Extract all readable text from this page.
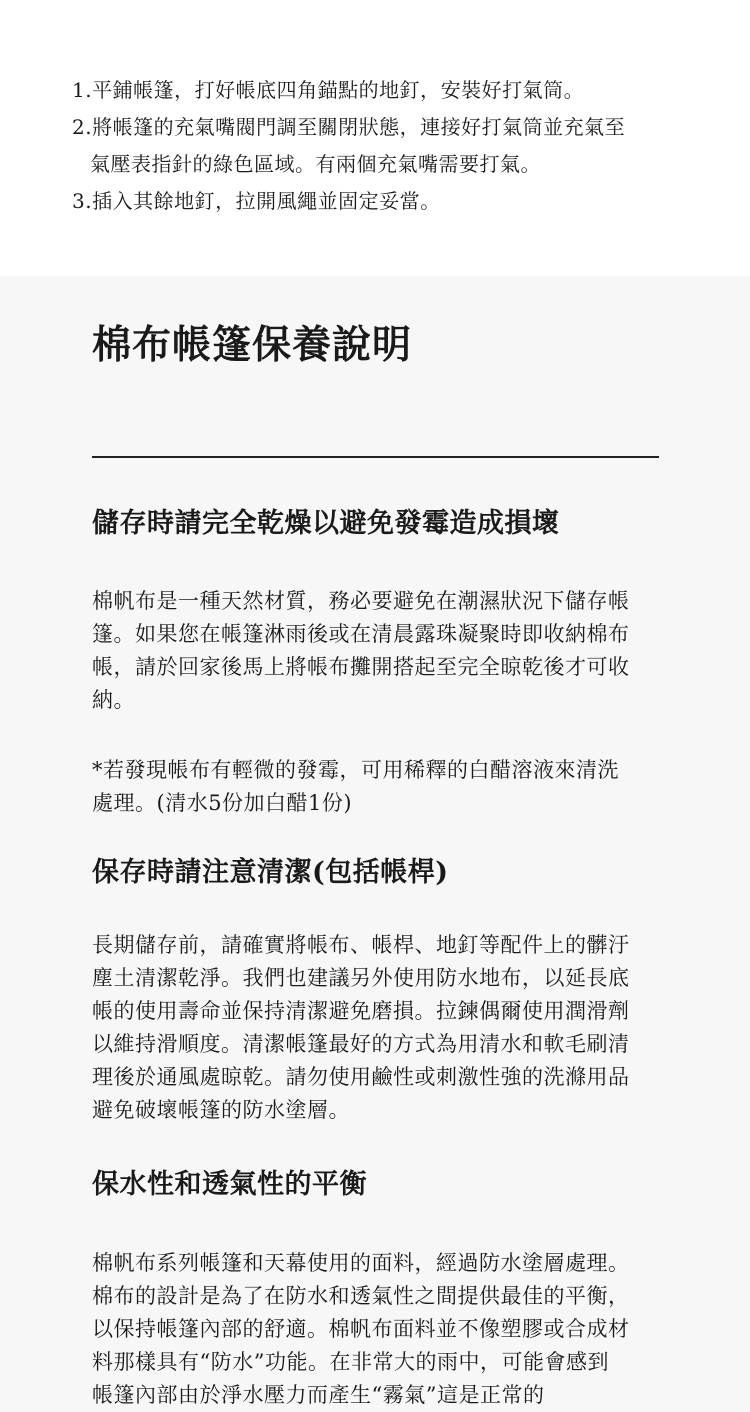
1.平鋪帳篷，打好帳底四角錨點的地釘，安裝好打氣筒。

2.將帳篷的充氣嘴閥門調至關閉狀態，連接好打氣筒並充氣至

氣壓表指針的綠色區域。有兩個充氣嘴需要打氣。

3.插入其餘地釘，拉開風繩並固定妥當。

棉布帳篷保養說明
儲存時請完全乾燥以避免發霉造成損壞

棉帆布是一種天然材質，務必要避免在潮濕狀況下儲存帳

篷。如果您在帳篷淋雨後或在清晨露珠凝聚時即收納棉布

帳，請於回家後馬上將帳布攤開搭起至完全晾乾後才可收

納。

*若發現帳布有輕微的發霉，可用稀釋的白醋溶液來清洗

處理。(清水5份加白醋1份)

保存時請注意清潔(包括帳桿)

長期儲存前，請確實將帳布、帳桿、地釘等配件上的髒汙

塵土清潔乾淨。我們也建議另外使用防水地布，以延長底

帳的使用壽命並保持清潔避免磨損。拉鍊偶爾使用潤滑劑

以維持滑順度。清潔帳篷最好的方式為用清水和軟毛刷清

理後於通風處晾乾。請勿使用鹼性或刺激性強的洗滌用品

避免破壞帳篷的防水塗層。

保水性和透氣性的平衡

棉帆布系列帳篷和天幕使用的面料，經過防水塗層處理。

棉布的設計是為了在防水和透氣性之間提供最佳的平衡，

以保持帳篷內部的舒適。棉帆布面料並不像塑膠或合成材

料那樣具有“防水”功能。在非常大的雨中，可能會感到

帳篷內部由於淨水壓力而產生“霧氣”這是正常的
